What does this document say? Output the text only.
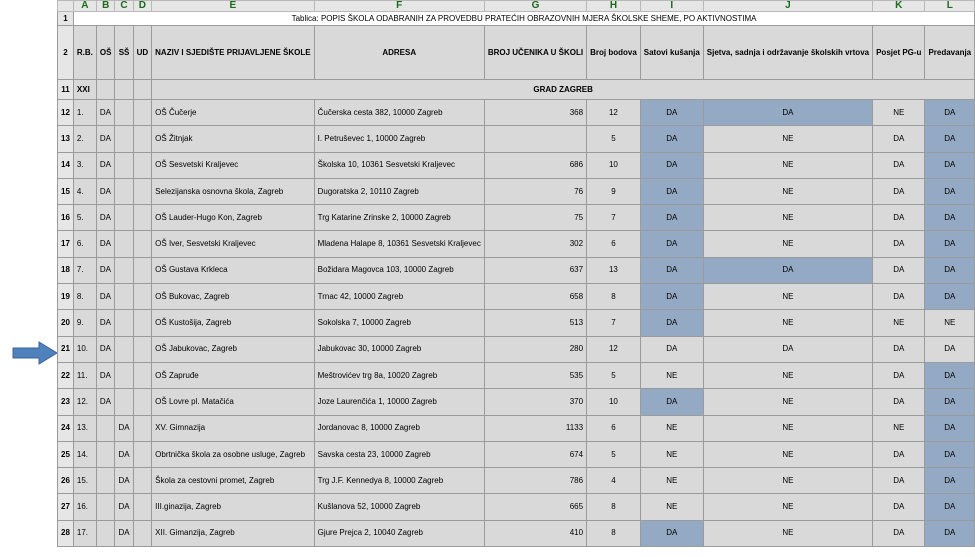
	A	B	C	D	E	F	G	H	I	J	K	L
1	Tablica: POPIS ŠKOLA ODABRANIH ZA PROVEDBU PRATEĆIH OBRAZOVNIH MJERA ŠKOLSKE SHEME, PO AKTIVNOSTIMA											
2	R.B.	OŠ	SŠ	UD	NAZIV I SJEDIŠTE PRIJAVLJENE ŠKOLE	ADRESA	BROJ UČENIKA U ŠKOLI	Broj bodova	Satovi kušanja	Sjetva, sadnja i održavanje školskih vrtova	Posjet PG-u	Predavanja
11	XXI				GRAD ZAGREB							
12	1.	DA			OŠ Čučerje	Čučerska cesta 382, 10000 Zagreb	368	12	DA	DA	NE	DA
13	2.	DA			OŠ Žitnjak	I. Petruševec 1, 10000 Zagreb		5	DA	NE	DA	DA
14	3.	DA			OŠ Sesvetski Kraljevec	Školska 10, 10361 Sesvetski Kraljevec	686	10	DA	NE	DA	DA
15	4.	DA			Selezijanska osnovna škola, Zagreb	Dugoratska 2, 10110 Zagreb	76	9	DA	NE	DA	DA
16	5.	DA			OŠ Lauder-Hugo Kon, Zagreb	Trg Katarine Zrinske 2, 10000 Zagreb	75	7	DA	NE	DA	DA
17	6.	DA			OŠ Iver, Sesvetski Kraljevec	Mladena Halape 8, 10361 Sesvetski Kraljevec	302	6	DA	NE	DA	DA
18	7.	DA			OŠ Gustava Krkleca	Božidara Magovca 103, 10000 Zagreb	637	13	DA	DA	DA	DA
19	8.	DA			OŠ Bukovac, Zagreb	Trnac 42, 10000 Zagreb	658	8	DA	NE	DA	DA
20	9.	DA			OŠ Kustošija, Zagreb	Sokolska 7, 10000 Zagreb	513	7	DA	NE	NE	NE
21	10.	DA			OŠ Jabukovac, Zagreb	Jabukovac 30, 10000 Zagreb	280	12	DA	DA	DA	DA
22	11.	DA			OŠ Zapruđe	Meštrovićev trg 8a, 10020 Zagreb	535	5	NE	NE	DA	DA
23	12.	DA			OŠ Lovre pl. Matačića	Joze Laurenčića 1, 10000 Zagreb	370	10	DA	NE	DA	DA
24	13.		DA		XV. Gimnazija	Jordanovac 8, 10000 Zagreb	1133	6	NE	NE	NE	DA
25	14.		DA		Obrtnička škola za osobne usluge, Zagreb	Savska cesta 23, 10000 Zagreb	674	5	NE	NE	DA	DA
26	15.		DA		Škola za cestovni promet, Zagreb	Trg J.F. Kennedya 8, 10000 Zagreb	786	4	NE	NE	DA	DA
27	16.		DA		III.ginazija, Zagreb	Kušlanova 52, 10000 Zagreb	665	8	NE	NE	DA	DA
28	17.		DA		XII. Gimanzija, Zagreb	Gjure Prejca 2, 10040 Zagreb	410	8	DA	NE	DA	DA
